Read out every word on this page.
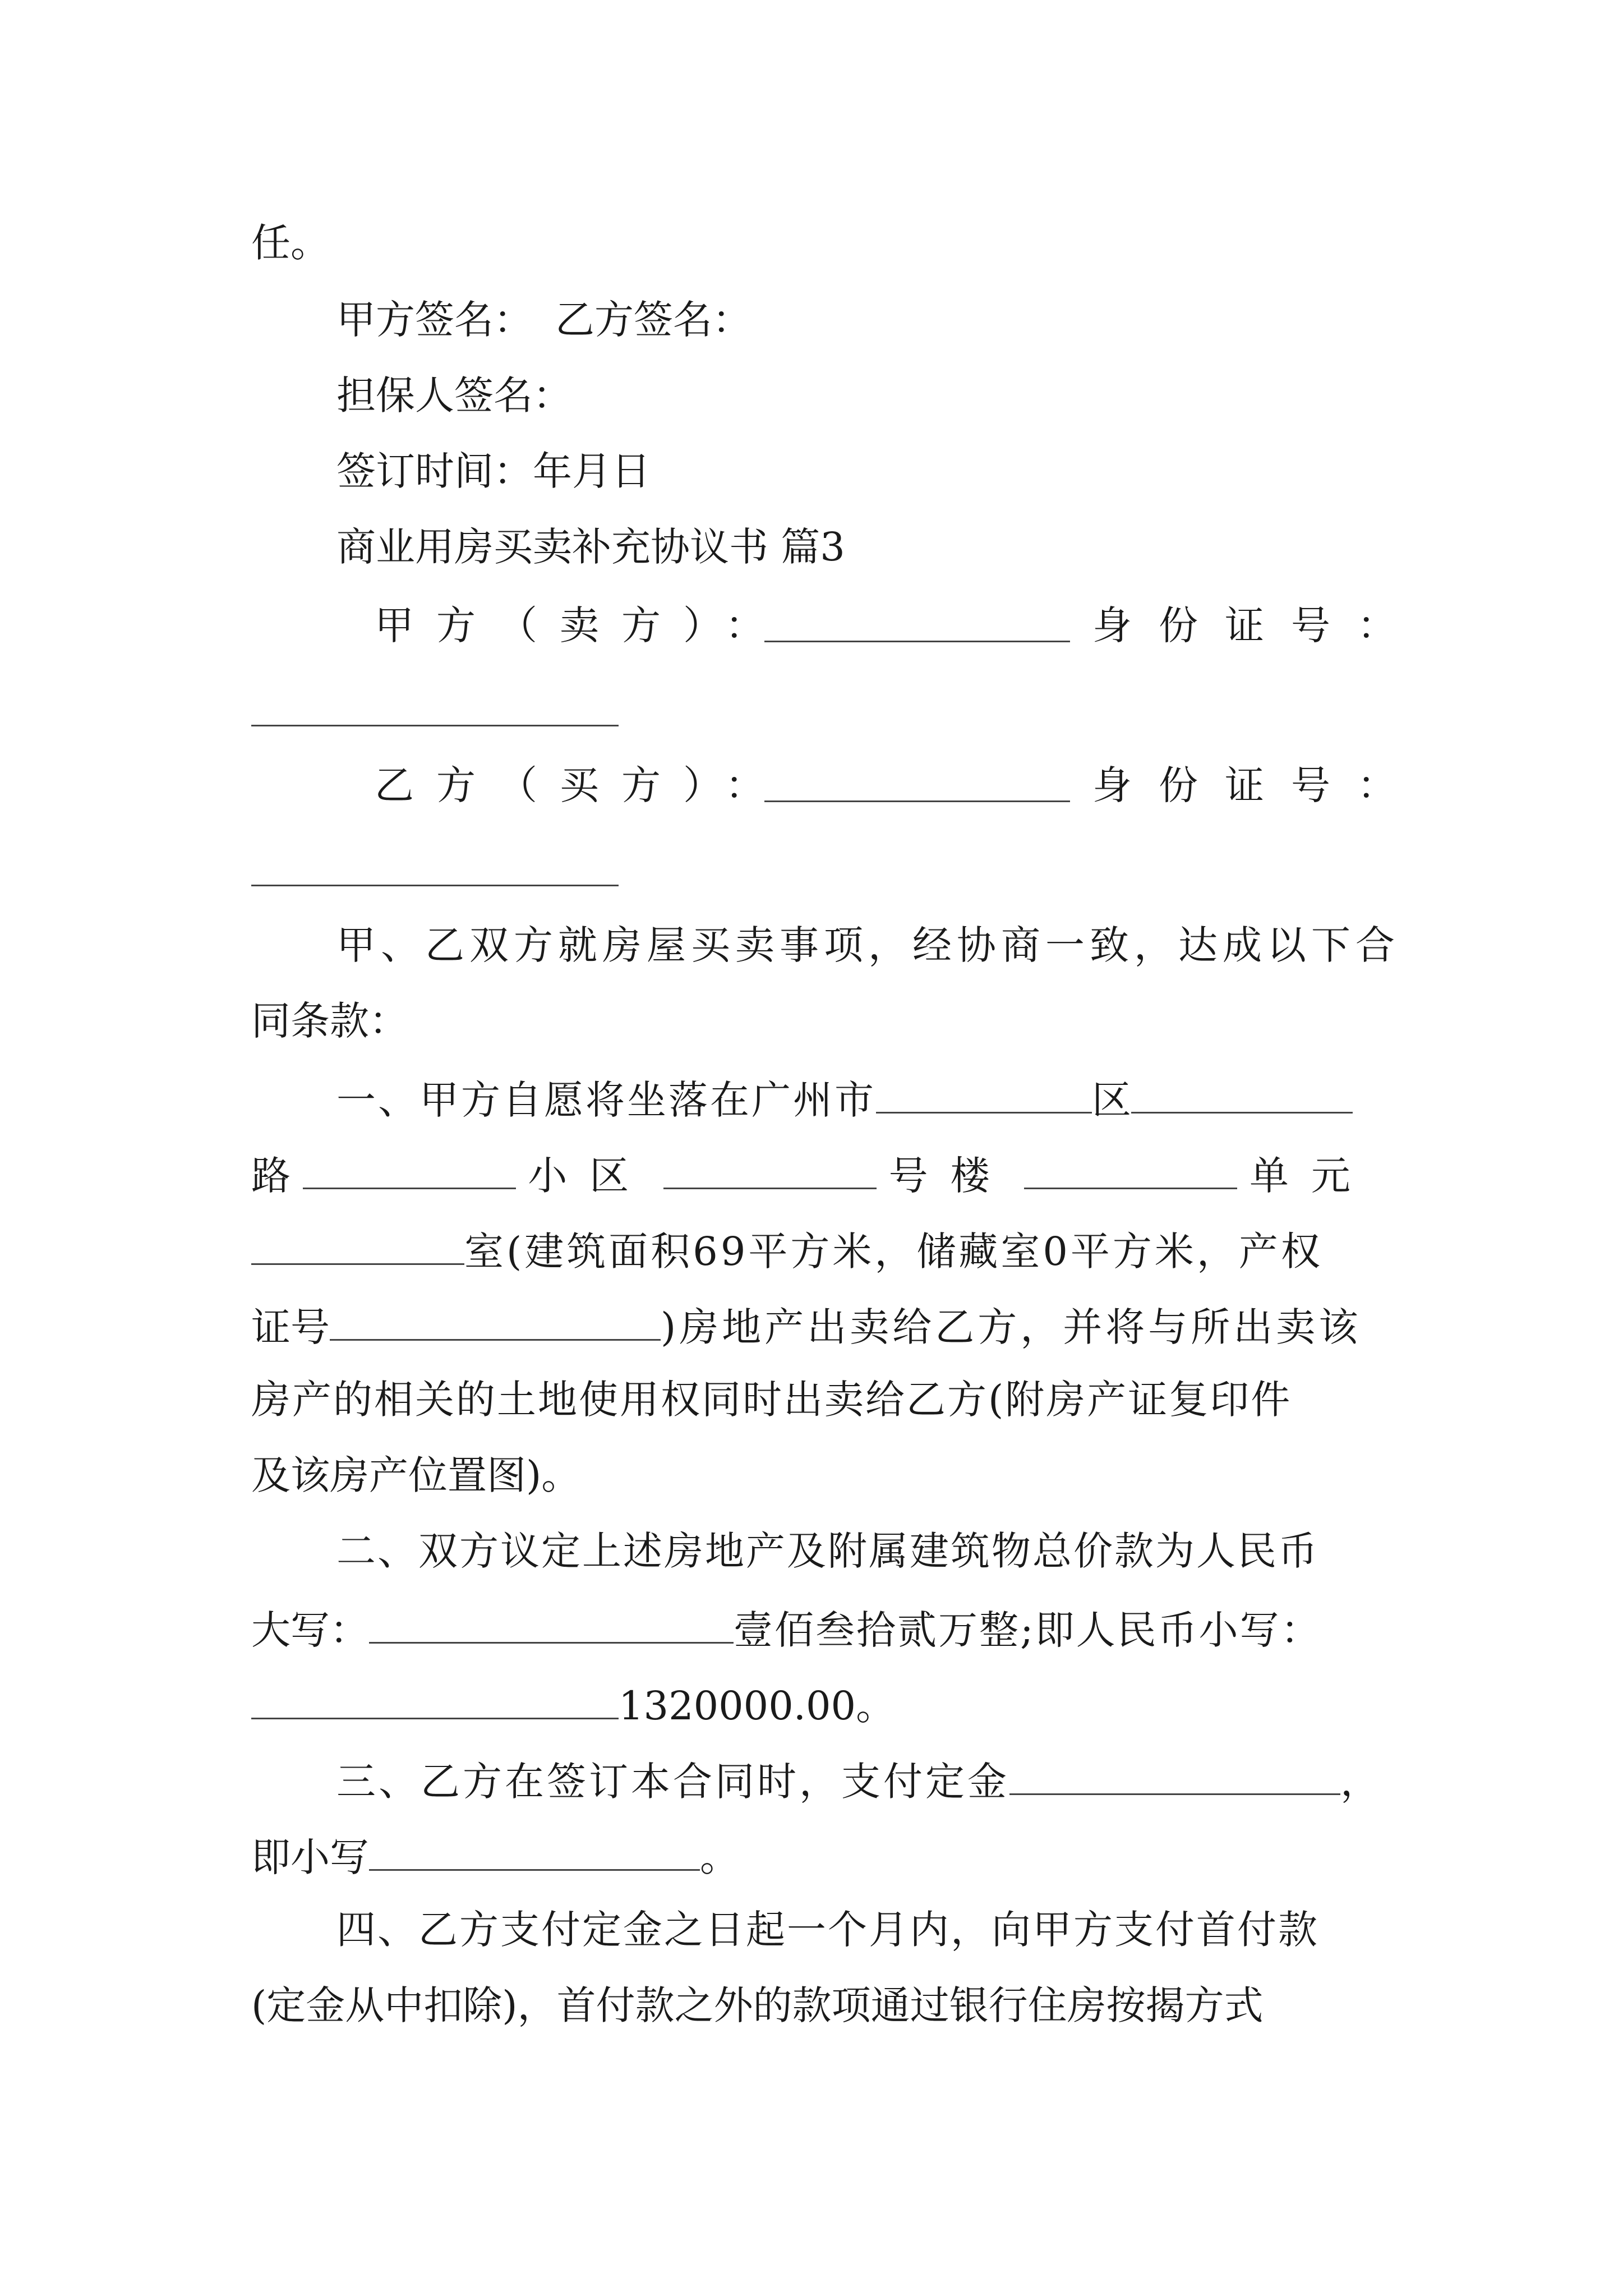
任。
甲方签名： 乙方签名：
担保人签名：
签订时间：年月日
商业用房买卖补充协议书 篇3
甲方（卖方）：	身份证号：
乙方（买方）：	身份证号：
甲、乙双方就房屋买卖事项，经协商一致，达成以下合
同条款：
一、甲方自愿将坐落在广州市	区
路	小区	号楼	单元
室(建筑面积69平方米，储藏室0平方米，产权
证号	)房地产出卖给乙方，并将与所出卖该
房产的相关的土地使用权同时出卖给乙方(附房产证复印件
及该房产位置图)。
二、双方议定上述房地产及附属建筑物总价款为人民币
大写：	壹佰叁拾贰万整;即人民币小写：
1320000.00。
三、乙方在签订本合同时，支付定金	，
即小写	。
四、乙方支付定金之日起一个月内，向甲方支付首付款
(定金从中扣除)，首付款之外的款项通过银行住房按揭方式
